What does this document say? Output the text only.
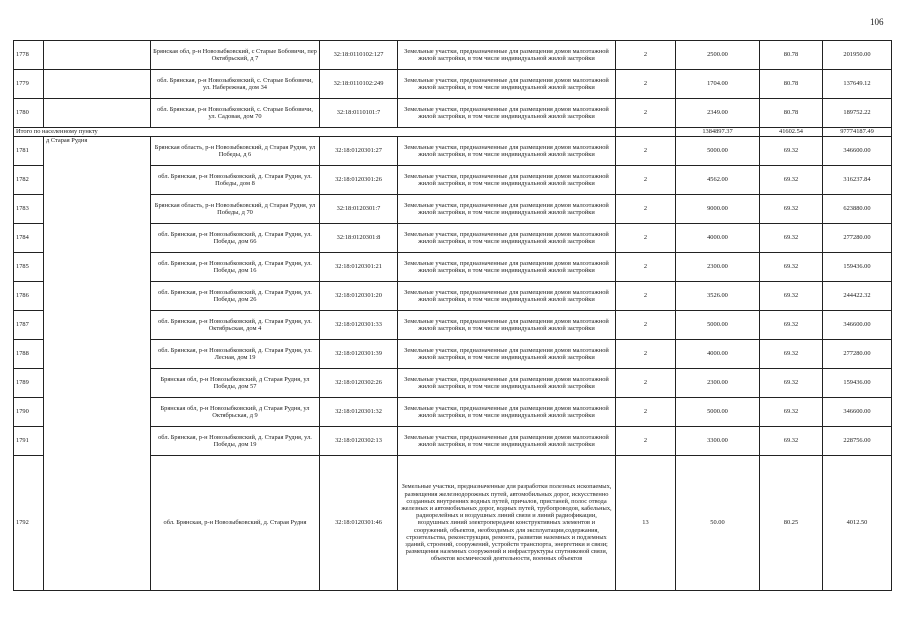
106
1778		Брянская обл, р-н Новозыбковский, с Старые Бобовичи, пер Октябрьский, д 7	32:18:0110102:127	Земельные участки, предназначенные для размещения домов малоэтажной жилой застройки, в том числе индивидуальной жилой застройки	2	2500.00	80.78	201950.00
1779		обл. Брянская, р-н Новозыбковский, с. Старые Бобовичи, ул. Набережная, дом 34	32:18:0110102:249	Земельные участки, предназначенные для размещения домов малоэтажной жилой застройки, в том числе индивидуальной жилой застройки	2	1704.00	80.78	137649.12
1780		обл. Брянская, р-н Новозыбковский, с. Старые Бобовичи, ул. Садовая, дом 70	32:18:0110101:7	Земельные участки, предназначенные для размещения домов малоэтажной жилой застройки, в том числе индивидуальной жилой застройки	2	2349.00	80.78	189752.22
Итого по населенному пункту						1384897.37	41602.54	97774187.49
1781	д Старая Рудня	Брянская область, р-н Новозыбковский, д Старая Рудня, ул Победы, д 6	32:18:0120301:27	Земельные участки, предназначенные для размещения домов малоэтажной жилой застройки, в том числе индивидуальной жилой застройки	2	5000.00	69.32	346600.00
1782		обл. Брянская, р-н Новозыбковский, д. Старая Рудня, ул. Победы, дом 8	32:18:0120301:26	Земельные участки, предназначенные для размещения домов малоэтажной жилой застройки, в том числе индивидуальной жилой застройки	2	4562.00	69.32	316237.84
1783		Брянская область, р-н Новозыбковский, д Старая Рудня, ул Победы, д 70	32:18:0120301:7	Земельные участки, предназначенные для размещения домов малоэтажной жилой застройки, в том числе индивидуальной жилой застройки	2	9000.00	69.32	623880.00
1784		обл. Брянская, р-н Новозыбковский, д. Старая Рудня, ул. Победы, дом 66	32:18:0120301:8	Земельные участки, предназначенные для размещения домов малоэтажной жилой застройки, в том числе индивидуальной жилой застройки	2	4000.00	69.32	277280.00
1785		обл. Брянская, р-н Новозыбковский, д. Старая Рудня, ул. Победы, дом 16	32:18:0120301:21	Земельные участки, предназначенные для размещения домов малоэтажной жилой застройки, в том числе индивидуальной жилой застройки	2	2300.00	69.32	159436.00
1786		обл. Брянская, р-н Новозыбковский, д. Старая Рудня, ул. Победы, дом 26	32:18:0120301:20	Земельные участки, предназначенные для размещения домов малоэтажной жилой застройки, в том числе индивидуальной жилой застройки	2	3526.00	69.32	244422.32
1787		обл. Брянская, р-н Новозыбковский, д. Старая Рудня, ул. Октябрьская, дом 4	32:18:0120301:33	Земельные участки, предназначенные для размещения домов малоэтажной жилой застройки, в том числе индивидуальной жилой застройки	2	5000.00	69.32	346600.00
1788		обл. Брянская, р-н Новозыбковский, д. Старая Рудня, ул. Лесная, дом 19	32:18:0120301:39	Земельные участки, предназначенные для размещения домов малоэтажной жилой застройки, в том числе индивидуальной жилой застройки	2	4000.00	69.32	277280.00
1789		Брянская обл, р-н Новозыбковский, д Старая Рудня, ул Победы, дом 57	32:18:0120302:26	Земельные участки, предназначенные для размещения домов малоэтажной жилой застройки, в том числе индивидуальной жилой застройки	2	2300.00	69.32	159436.00
1790		Брянская обл, р-н Новозыбковский, д Старая Рудня, ул Октябрьская, д 9	32:18:0120301:32	Земельные участки, предназначенные для размещения домов малоэтажной жилой застройки, в том числе индивидуальной жилой застройки	2	5000.00	69.32	346600.00
1791		обл. Брянская, р-н Новозыбковский, д. Старая Рудня, ул. Победы, дом 19	32:18:0120302:13	Земельные участки, предназначенные для размещения домов малоэтажной жилой застройки, в том числе индивидуальной жилой застройки	2	3300.00	69.32	228756.00
1792		обл. Брянская, р-н Новозыбковский, д. Старая Рудня	32:18:0120301:46	Земельные участки, предназначенные для разработки полезных ископаемых, размещения железнодорожных путей, автомобильных дорог, искусственно созданных внутренних водных путей, причалов, пристаней, полос отвода железных и автомобильных дорог, водных путей, трубопроводов, кабельных, радиорелейных и воздушных линий связи и линий радиофикации, воздушных линий электропередачи конструктивных элементов и сооружений, объектов, необходимых для эксплуатации,содержания, строительства, реконструкции, ремонта, развития наземных и подземных зданий, строений, сооружений, устройств транспорта, энергетики и связи; размещения наземных сооружений и инфраструктуры спутниковой связи, объектов космической деятельности, военных объектов	13	50.00	80.25	4012.50
